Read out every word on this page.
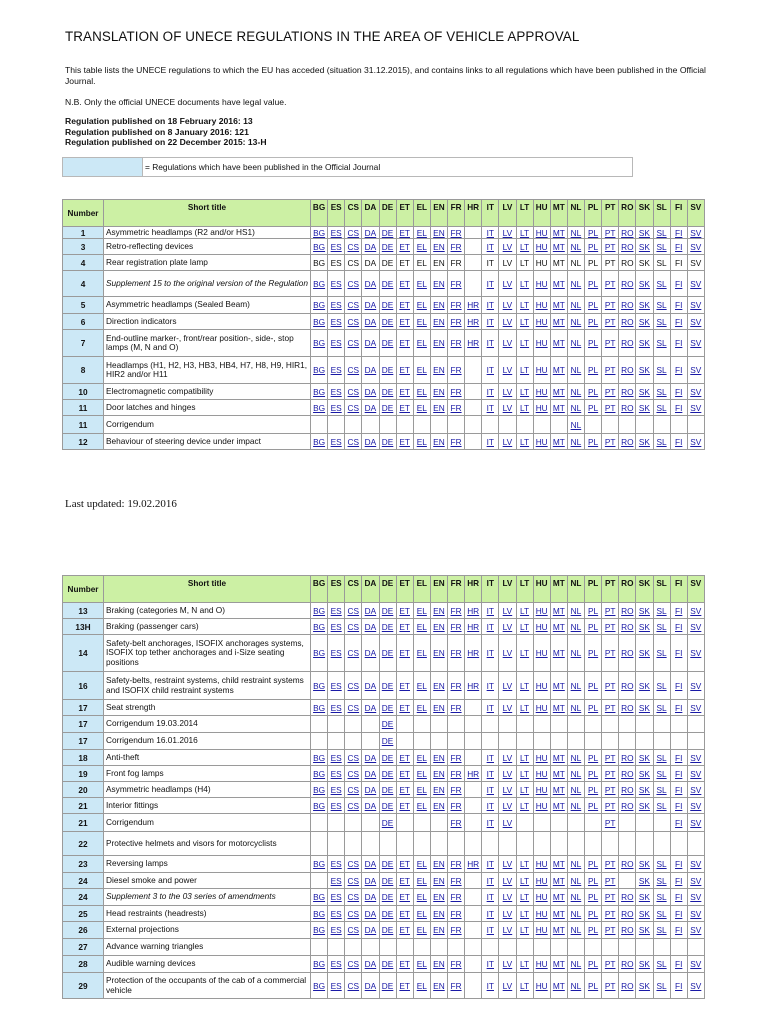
TRANSLATION OF UNECE REGULATIONS IN THE AREA OF VEHICLE APPROVAL

This table lists the UNECE regulations to which the EU has acceded (situation 31.12.2015), and contains links to all regulations which have been published in the Official Journal.

N.B. Only the official UNECE documents have legal value.

Regulation published on 18 February 2016: 13
Regulation published on 8 January 2016: 121
Regulation published on 22 December 2015: 13-H
= Regulations which have been published in the Official Journal
Number	Short title	BG	ES	CS	DA	DE	ET	EL	EN	FR	HR	IT	LV	LT	HU	MT	NL	PL	PT	RO	SK	SL	FI	SV
1	Asymmetric headlamps (R2 and/or HS1)	BG	ES	CS	DA	DE	ET	EL	EN	FR		IT	LV	LT	HU	MT	NL	PL	PT	RO	SK	SL	FI	SV
3	Retro-reflecting devices	BG	ES	CS	DA	DE	ET	EL	EN	FR		IT	LV	LT	HU	MT	NL	PL	PT	RO	SK	SL	FI	SV
4	Rear registration plate lamp	BG	ES	CS	DA	DE	ET	EL	EN	FR		IT	LV	LT	HU	MT	NL	PL	PT	RO	SK	SL	FI	SV
4	Supplement 15 to the original version of the Regulation	BG	ES	CS	DA	DE	ET	EL	EN	FR		IT	LV	LT	HU	MT	NL	PL	PT	RO	SK	SL	FI	SV
5	Asymmetric headlamps (Sealed Beam)	BG	ES	CS	DA	DE	ET	EL	EN	FR	HR	IT	LV	LT	HU	MT	NL	PL	PT	RO	SK	SL	FI	SV
6	Direction indicators	BG	ES	CS	DA	DE	ET	EL	EN	FR	HR	IT	LV	LT	HU	MT	NL	PL	PT	RO	SK	SL	FI	SV
7	End-outline marker-, front/rear position-, side-, stop lamps (M, N and O)	BG	ES	CS	DA	DE	ET	EL	EN	FR	HR	IT	LV	LT	HU	MT	NL	PL	PT	RO	SK	SL	FI	SV
8	Headlamps (H1, H2, H3, HB3, HB4, H7, H8, H9, HIR1, HIR2 and/or H11	BG	ES	CS	DA	DE	ET	EL	EN	FR		IT	LV	LT	HU	MT	NL	PL	PT	RO	SK	SL	FI	SV
10	Electromagnetic compatibility	BG	ES	CS	DA	DE	ET	EL	EN	FR		IT	LV	LT	HU	MT	NL	PL	PT	RO	SK	SL	FI	SV
11	Door latches and hinges	BG	ES	CS	DA	DE	ET	EL	EN	FR		IT	LV	LT	HU	MT	NL	PL	PT	RO	SK	SL	FI	SV
11	Corrigendum																NL							
12	Behaviour of steering device under impact	BG	ES	CS	DA	DE	ET	EL	EN	FR		IT	LV	LT	HU	MT	NL	PL	PT	RO	SK	SL	FI	SV

Last updated: 19.02.2016

Number	Short title	BG	ES	CS	DA	DE	ET	EL	EN	FR	HR	IT	LV	LT	HU	MT	NL	PL	PT	RO	SK	SL	FI	SV
13	Braking (categories M, N and O)	BG	ES	CS	DA	DE	ET	EL	EN	FR	HR	IT	LV	LT	HU	MT	NL	PL	PT	RO	SK	SL	FI	SV
13H	Braking (passenger cars)	BG	ES	CS	DA	DE	ET	EL	EN	FR	HR	IT	LV	LT	HU	MT	NL	PL	PT	RO	SK	SL	FI	SV
14	Safety-belt anchorages, ISOFIX anchorages systems, ISOFIX top tether anchorages and i-Size seating positions	BG	ES	CS	DA	DE	ET	EL	EN	FR	HR	IT	LV	LT	HU	MT	NL	PL	PT	RO	SK	SL	FI	SV
16	Safety-belts, restraint systems, child restraint systems and ISOFIX child restraint systems	BG	ES	CS	DA	DE	ET	EL	EN	FR	HR	IT	LV	LT	HU	MT	NL	PL	PT	RO	SK	SL	FI	SV
17	Seat strength	BG	ES	CS	DA	DE	ET	EL	EN	FR		IT	LV	LT	HU	MT	NL	PL	PT	RO	SK	SL	FI	SV
17	Corrigendum 19.03.2014					DE																		
17	Corrigendum 16.01.2016					DE																		
18	Anti-theft	BG	ES	CS	DA	DE	ET	EL	EN	FR		IT	LV	LT	HU	MT	NL	PL	PT	RO	SK	SL	FI	SV
19	Front fog lamps	BG	ES	CS	DA	DE	ET	EL	EN	FR	HR	IT	LV	LT	HU	MT	NL	PL	PT	RO	SK	SL	FI	SV
20	Asymmetric headlamps (H4)	BG	ES	CS	DA	DE	ET	EL	EN	FR		IT	LV	LT	HU	MT	NL	PL	PT	RO	SK	SL	FI	SV
21	Interior fittings	BG	ES	CS	DA	DE	ET	EL	EN	FR		IT	LV	LT	HU	MT	NL	PL	PT	RO	SK	SL	FI	SV
21	Corrigendum					DE				FR		IT	LV						PT				FI	SV
22	Protective helmets and visors for motorcyclists																							
23	Reversing lamps	BG	ES	CS	DA	DE	ET	EL	EN	FR	HR	IT	LV	LT	HU	MT	NL	PL	PT	RO	SK	SL	FI	SV
24	Diesel smoke and power		ES	CS	DA	DE	ET	EL	EN	FR		IT	LV	LT	HU	MT	NL	PL	PT		SK	SL	FI	SV
24	Supplement 3 to the 03 series of amendments	BG	ES	CS	DA	DE	ET	EL	EN	FR		IT	LV	LT	HU	MT	NL	PL	PT	RO	SK	SL	FI	SV
25	Head restraints (headrests)	BG	ES	CS	DA	DE	ET	EL	EN	FR		IT	LV	LT	HU	MT	NL	PL	PT	RO	SK	SL	FI	SV
26	External projections	BG	ES	CS	DA	DE	ET	EL	EN	FR		IT	LV	LT	HU	MT	NL	PL	PT	RO	SK	SL	FI	SV
27	Advance warning triangles																							
28	Audible warning devices	BG	ES	CS	DA	DE	ET	EL	EN	FR		IT	LV	LT	HU	MT	NL	PL	PT	RO	SK	SL	FI	SV
29	Protection of the occupants of the cab of a commercial vehicle	BG	ES	CS	DA	DE	ET	EL	EN	FR		IT	LV	LT	HU	MT	NL	PL	PT	RO	SK	SL	FI	SV
